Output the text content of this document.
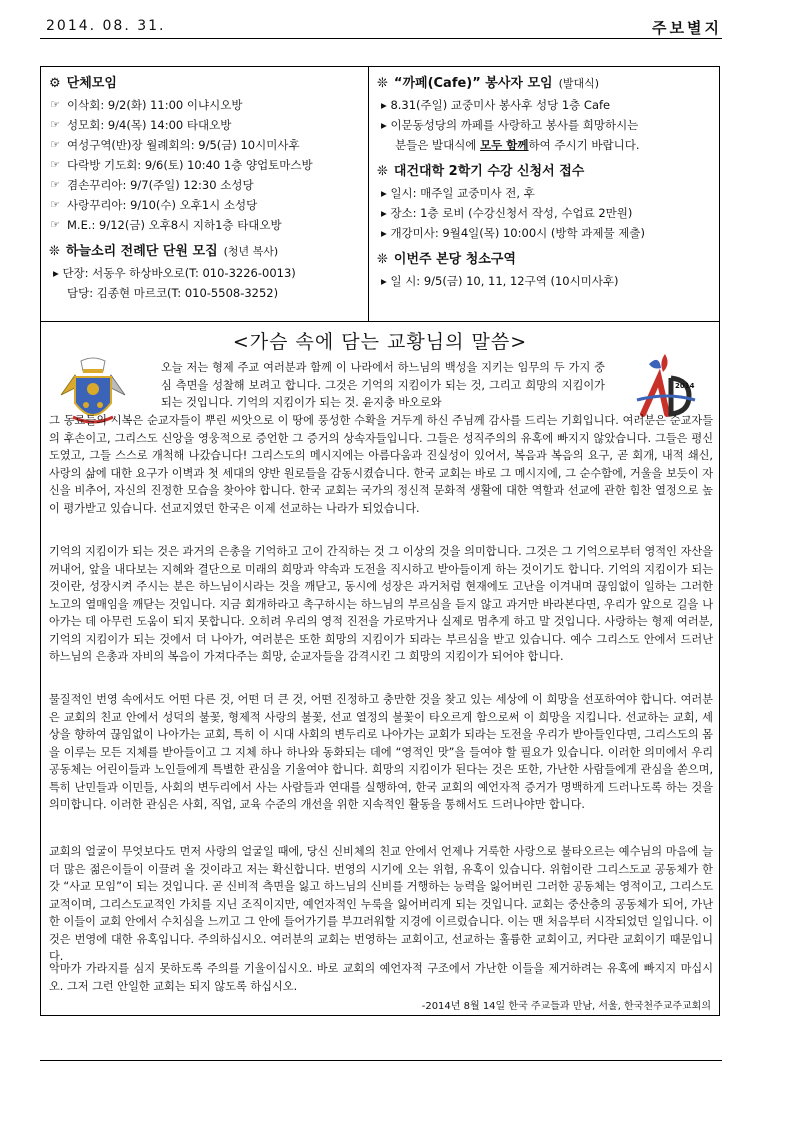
2014. 08. 31.	주보별지
⚙ 단체모임
☞ 이삭회: 9/2(화) 11:00 이냐시오방
☞ 성모회: 9/4(목) 14:00 타대오방
☞ 여성구역(반)장 월례회의: 9/5(금) 10시미사후
☞ 다락방 기도회: 9/6(토) 10:40 1층 양업토마스방
☞ 겸손꾸리아: 9/7(주일) 12:30 소성당
☞ 사랑꾸리아: 9/10(수) 오후1시 소성당
☞ M.E.: 9/12(금) 오후8시 지하1층 타대오방
❊ 하늘소리 전례단 단원 모집 (청년 복사)
▸ 단장: 서동우 하상바오로(T: 010-3226-0013)
담당: 김종현 마르코(T: 010-5508-3252)
❊ “까페(Cafe)” 봉사자 모임 (발대식)
▸ 8.31(주일) 교중미사 봉사후 성당 1층 Cafe
▸ 이문동성당의 까페를 사랑하고 봉사를 희망하시는
분들은 발대식에 모두 함께하여 주시기 바랍니다.
❊ 대건대학 2학기 수강 신청서 접수
▸ 일시: 매주일 교중미사 전, 후
▸ 장소: 1층 로비 (수강신청서 작성, 수업료 2만원)
▸ 개강미사: 9월4일(목) 10:00시 (방학 과제물 제출)
❊ 이번주 본당 청소구역
▸ 일 시: 9/5(금) 10, 11, 12구역 (10시미사후)
<가슴 속에 담는 교황님의 말씀>
2014
오늘 저는 형제 주교 여러분과 함께 이 나라에서 하느님의 백성을 지키는 임무의 두 가지 중심 측면을 성찰해 보려고 합니다. 그것은 기억의 지킴이가 되는 것, 그리고 희망의 지킴이가 되는 것입니다. 기억의 지킴이가 되는 것. 윤지충 바오로와
그 동료들의 시복은 순교자들이 뿌린 씨앗으로 이 땅에 풍성한 수확을 거두게 하신 주님께 감사를 드리는 기회입니다. 여러분은 순교자들의 후손이고, 그리스도 신앙을 영웅적으로 증언한 그 증거의 상속자들입니다. 그들은 성직주의의 유혹에 빠지지 않았습니다. 그들은 평신도였고, 그들 스스로 개척해 나갔습니다! 그리스도의 메시지에는 아름다움과 진실성이 있어서, 복음과 복음의 요구, 곧 회개, 내적 쇄신, 사랑의 삶에 대한 요구가 이벽과 첫 세대의 양반 원로들을 감동시켰습니다. 한국 교회는 바로 그 메시지에, 그 순수함에, 거울을 보듯이 자신을 비추어, 자신의 진정한 모습을 찾아야 합니다. 한국 교회는 국가의 정신적 문화적 생활에 대한 역할과 선교에 관한 힘찬 열정으로 높이 평가받고 있습니다. 선교지였던 한국은 이제 선교하는 나라가 되었습니다.
기억의 지킴이가 되는 것은 과거의 은총을 기억하고 고이 간직하는 것 그 이상의 것을 의미합니다. 그것은 그 기억으로부터 영적인 자산을 꺼내어, 앞을 내다보는 지혜와 결단으로 미래의 희망과 약속과 도전을 직시하고 받아들이게 하는 것이기도 합니다. 기억의 지킴이가 되는 것이란, 성장시켜 주시는 분은 하느님이시라는 것을 깨닫고, 동시에 성장은 과거처럼 현재에도 고난을 이겨내며 끊임없이 일하는 그러한 노고의 열매임을 깨닫는 것입니다. 지금 회개하라고 촉구하시는 하느님의 부르심을 듣지 않고 과거만 바라본다면, 우리가 앞으로 길을 나아가는 데 아무런 도움이 되지 못합니다. 오히려 우리의 영적 진전을 가로막거나 실제로 멈추게 하고 말 것입니다. 사랑하는 형제 여러분, 기억의 지킴이가 되는 것에서 더 나아가, 여러분은 또한 희망의 지킴이가 되라는 부르심을 받고 있습니다. 예수 그리스도 안에서 드러난 하느님의 은총과 자비의 복음이 가져다주는 희망, 순교자들을 감격시킨 그 희망의 지킴이가 되어야 합니다.
물질적인 번영 속에서도 어떤 다른 것, 어떤 더 큰 것, 어떤 진정하고 충만한 것을 찾고 있는 세상에 이 희망을 선포하여야 합니다. 여러분은 교회의 친교 안에서 성덕의 불꽃, 형제적 사랑의 불꽃, 선교 열정의 불꽃이 타오르게 함으로써 이 희망을 지킵니다. 선교하는 교회, 세상을 향하여 끊임없이 나아가는 교회, 특히 이 시대 사회의 변두리로 나아가는 교회가 되라는 도전을 우리가 받아들인다면, 그리스도의 몸을 이루는 모든 지체를 받아들이고 그 지체 하나 하나와 동화되는 데에 “영적인 맛”을 들여야 할 필요가 있습니다. 이러한 의미에서 우리 공동체는 어린이들과 노인들에게 특별한 관심을 기울여야 합니다. 희망의 지킴이가 된다는 것은 또한, 가난한 사람들에게 관심을 쏟으며, 특히 난민들과 이민들, 사회의 변두리에서 사는 사람들과 연대를 실행하여, 한국 교회의 예언자적 증거가 명백하게 드러나도록 하는 것을 의미합니다. 이러한 관심은 사회, 직업, 교육 수준의 개선을 위한 지속적인 활동을 통해서도 드러나야만 합니다.
교회의 얼굴이 무엇보다도 먼저 사랑의 얼굴일 때에, 당신 신비체의 친교 안에서 언제나 거룩한 사랑으로 불타오르는 예수님의 마음에 늘 더 많은 젊은이들이 이끌려 올 것이라고 저는 확신합니다. 번영의 시기에 오는 위험, 유혹이 있습니다. 위험이란 그리스도교 공동체가 한갓 “사교 모임”이 되는 것입니다. 곧 신비적 측면을 잃고 하느님의 신비를 거행하는 능력을 잃어버린 그러한 공동체는 영적이고, 그리스도교적이며, 그리스도교적인 가치를 지닌 조직이지만, 예언자적인 누룩을 잃어버리게 되는 것입니다. 교회는 중산층의 공동체가 되어, 가난한 이들이 교회 안에서 수치심을 느끼고 그 안에 들어가기를 부끄러워할 지경에 이르렀습니다. 이는 맨 처음부터 시작되었던 일입니다. 이것은 번영에 대한 유혹입니다. 주의하십시오. 여러분의 교회는 번영하는 교회이고, 선교하는 훌륭한 교회이고, 커다란 교회이기 때문입니다.
악마가 가라지를 심지 못하도록 주의를 기울이십시오. 바로 교회의 예언자적 구조에서 가난한 이들을 제거하려는 유혹에 빠지지 마십시오. 그저 그런 안일한 교회는 되지 않도록 하십시오.
-2014년 8월 14일 한국 주교들과 만남, 서울, 한국천주교주교회의
